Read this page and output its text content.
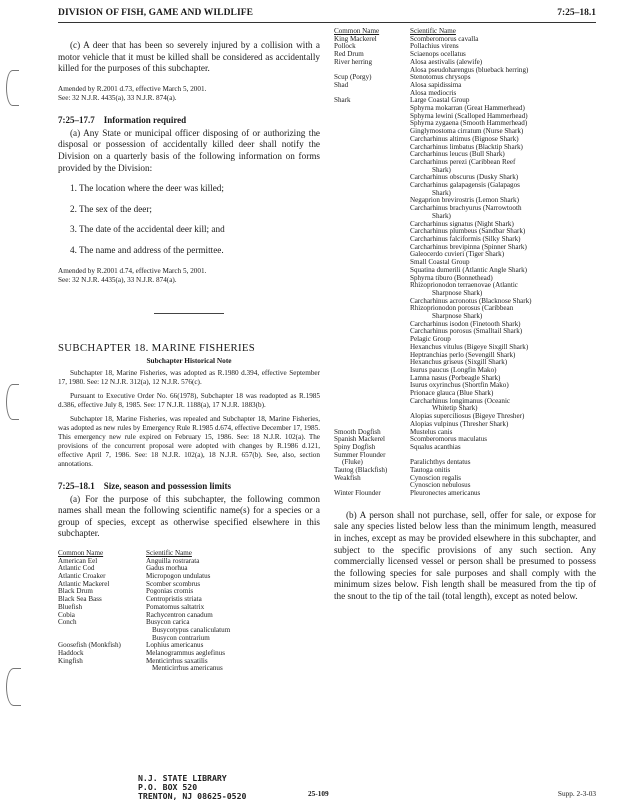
DIVISION OF FISH, GAME AND WILDLIFE	7:25–18.1

(c) A deer that has been so severely injured by a collision with a motor vehicle that it must be killed shall be considered as accidentally killed for the purposes of this subchapter.

Amended by R.2001 d.73, effective March 5, 2001.

See: 32 N.J.R. 4435(a), 33 N.J.R. 874(a).

7:25–17.7 Information required

(a) Any State or municipal officer disposing of or authorizing the disposal or possession of accidentally killed deer shall notify the Division on a quarterly basis of the following information on forms provided by the Division:

1. The location where the deer was killed;
2. The sex of the deer;
3. The date of the accidental deer kill; and
4. The name and address of the permittee.

Amended by R.2001 d.74, effective March 5, 2001.

See: 32 N.J.R. 4435(a), 33 N.J.R. 874(a).

SUBCHAPTER 18. MARINE FISHERIES

Subchapter Historical Note

Subchapter 18, Marine Fisheries, was adopted as R.1980 d.394, effective September 17, 1980. See: 12 N.J.R. 312(a), 12 N.J.R. 576(c).

Pursuant to Executive Order No. 66(1978), Subchapter 18 was readopted as R.1985 d.386, effective July 8, 1985. See: 17 N.J.R. 1188(a), 17 N.J.R. 1883(b).

Subchapter 18, Marine Fisheries, was repealed and Subchapter 18, Marine Fisheries, was adopted as new rules by Emergency Rule R.1985 d.674, effective December 17, 1985. This emergency new rule expired on February 15, 1986. See: 18 N.J.R. 102(a). The provisions of the concurrent proposal were adopted with changes by R.1986 d.121, effective April 7, 1986. See: 18 N.J.R. 102(a), 18 N.J.R. 657(b). See, also, section annotations.

7:25–18.1 Size, season and possession limits

(a) For the purpose of this subchapter, the following common names shall mean the following scientific name(s) for a species or a group of species, except as otherwise specified elsewhere in this subchapter.

Common Name	Scientific Name
American Eel	Anguilla rostrarata
Atlantic Cod	Gadus morhua
Atlantic Croaker	Micropogon undulatus
Atlantic Mackerel	Scomber scombrus
Black Drum	Pogonias cromis
Black Sea Bass	Centropristis striata
Bluefish	Pomatomus saltatrix
Cobia	Rachycentron canadum
Conch	Busycon carica
	Busycotypus canaliculatum
	Busycon contrarium
Goosefish (Monkfish)	Lophius americanus
Haddock	Melanogrammus aeglefinus
Kingfish	Menticirrhus saxatilis
	Menticirrhus americanus
Common Name	Scientific Name
King Mackerel	Scomberomorus cavalla
Pollock	Pollachius virens
Red Drum	Sciaenops ocellatus
River herring	Alosa aestivalis (alewife)
	Alosa pseudoharengus (blueback herring)
Scup (Porgy)	Stenotomus chrysops
Shad	Alosa sapidissima
	Alosa mediocris
Shark	Large Coastal Group
	Sphyrna mokarran (Great Hammerhead)
	Sphyrna lewini (Scalloped Hammerhead)
	Sphyrna zygaena (Smooth Hammerhead)
	Ginglymostoma cirratum (Nurse Shark)
	Carcharhinus altimus (Bignose Shark)
	Carcharhinus limbatus (Blacktip Shark)
	Carcharhinus leucus (Bull Shark)
	Carcharhinus perezi (Caribbean Reef
	Shark)
	Carcharhinus obscurus (Dusky Shark)
	Carcharhinus galapagensis (Galapagos
	Shark)
	Negaprion brevirostris (Lemon Shark)
	Carcharhinus brachyurus (Narrowtooth
	Shark)
	Carcharhinus signatus (Night Shark)
	Carcharhinus plumbeus (Sandbar Shark)
	Carcharhinus falciformis (Silky Shark)
	Carcharhinus brevipinna (Spinner Shark)
	Galeocerdo cuvieri (Tiger Shark)
	Small Coastal Group
	Squatina dumerili (Atlantic Angle Shark)
	Sphyrna tiburo (Bonnethead)
	Rhizoprionodon terraenovae (Atlantic
	Sharpnose Shark)
	Carcharhinus acronotus (Blacknose Shark)
	Rhizoprionodon porosus (Caribbean
	Sharpnose Shark)
	Carcharhinus isodon (Finetooth Shark)
	Carcharhinus porosus (Smalltail Shark)
	Pelagic Group
	Hexanchus vitulus (Bigeye Sixgill Shark)
	Heptranchias perlo (Sevengill Shark)
	Hexanchus griseus (Sixgill Shark)
	Isurus paucus (Longfin Mako)
	Lamna nasus (Porbeagle Shark)
	Isurus oxyrinchus (Shortfin Mako)
	Prionace glauca (Blue Shark)
	Carcharhinus longimanus (Oceanic
	Whitetip Shark)
	Alopias superciliosus (Bigeye Thresher)
	Alopias vulpinus (Thresher Shark)
Smooth Dogfish	Mustelus canis
Spanish Mackerel	Scomberomorus maculatus
Spiny Dogfish	Squalus acanthias
Summer Flounder	
(Fluke)	Paralichthys dentatus
Tautog (Blackfish)	Tautoga onitis
Weakfish	Cynoscion regalis
	Cynoscion nebulosus
Winter Flounder	Pleuronectes americanus

(b) A person shall not purchase, sell, offer for sale, or expose for sale any species listed below less than the minimum length, measured in inches, except as may be provided elsewhere in this subchapter, and subject to the specific provisions of any such section. Any commercially licensed vessel or person shall be presumed to possess the following species for sale purposes and shall comply with the minimum sizes below. Fish length shall be measured from the tip of the snout to the tip of the tail (total length), except as noted below.

N.J. STATE LIBRARY
P.O. BOX 520
TRENTON, NJ 08625-0520	25-109	Supp. 2-3-03
